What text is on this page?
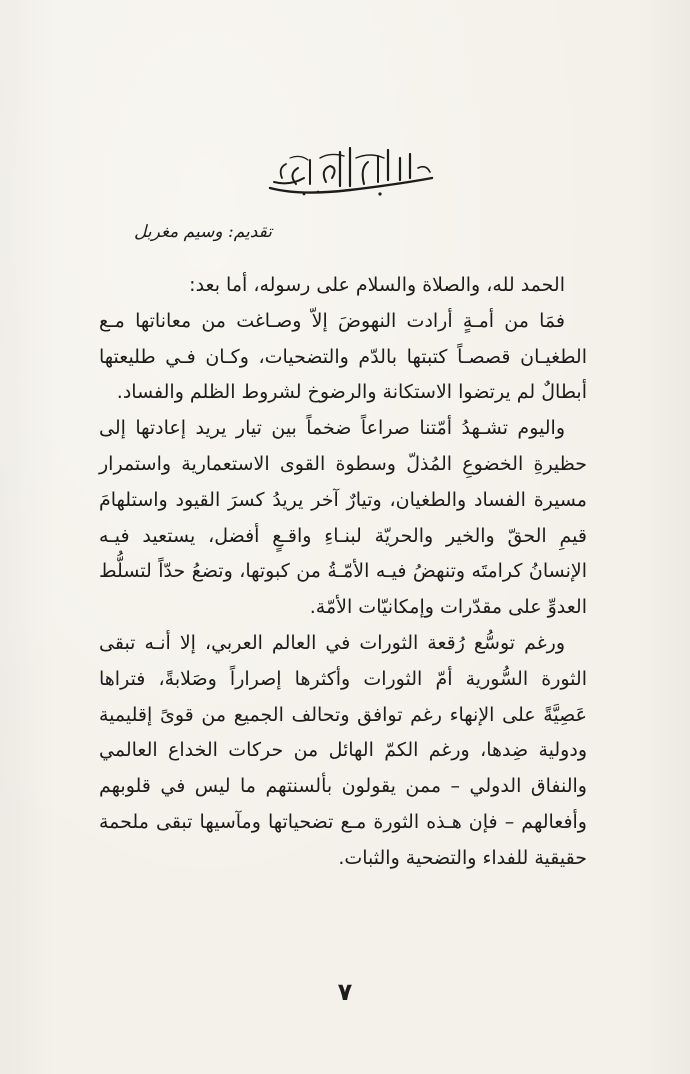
تقديم: وسيم مغربل

الحمد لله، والصلاة والسلام على رسوله، أما بعد:

فمَا من أمـةٍ أرادت النهوضَ إلاّ وصـاغت من معاناتها مـع الطغيـان قصصـاً كتبتها بالدّم والتضحيات، وكـان فـي طليعتها أبطالٌ لم يرتضوا الاستكانة والرضوخ لشروط الظلم والفساد.

واليوم تشـهدُ أمّتنا صراعاً ضخماً بين تيار يريد إعادتها إلى حظيرةِ الخضوعِ المُذلّ وسطوة القوى الاستعمارية واستمرار مسيرة الفساد والطغيان، وتيارٌ آخر يريدُ كسرَ القيود واستلهامَ قيمِ الحقّ والخير والحريّة لبنـاءِ واقـعٍ أفضل، يستعيد فيـه الإنسانُ كرامتَه وتنهضُ فيـه الأمّـةُ من كبوتها، وتضعُ حدّاً لتسلُّط العدوِّ على مقدّرات وإمكانيّات الأمّة.

ورغم توسُّع رُقعة الثورات في العالم العربي، إلا أنـه تبقى الثورة السُّورية أمّ الثورات وأكثرها إصراراً وصَلابةً، فتراها عَصِيَّةً على الإنهاء رغم توافق وتحالف الجميع من قوىً إقليمية ودولية ضِدها، ورغم الكمّ الهائل من حركات الخداع العالمي والنفاق الدولي – ممن يقولون بألسنتهم ما ليس في قلوبهم وأفعالهم – فإن هـذه الثورة مـع تضحياتها ومآسيها تبقى ملحمة حقيقية للفداء والتضحية والثبات.

٧
